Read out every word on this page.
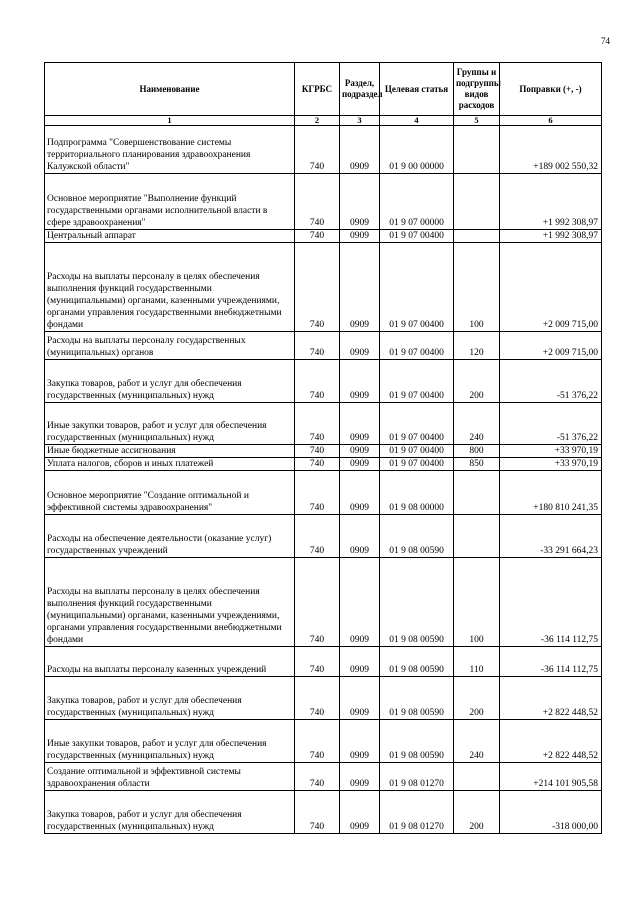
74
Наименование	КГРБС	Раздел, подраздел	Целевая статья	Группы и подгруппы видов расходов	Поправки (+, -)
1	2	3	4	5	6
Подпрограмма "Совершенствование системы территориального планирования здравоохранения Калужской области"	740	0909	01 9 00 00000		+189 002 550,32
Основное мероприятие "Выполнение функций государственными органами исполнительной власти в сфере здравоохранения"	740	0909	01 9 07 00000		+1 992 308,97
Центральный аппарат	740	0909	01 9 07 00400		+1 992 308,97
Расходы на выплаты персоналу в целях обеспечения выполнения функций государственными (муниципальными) органами, казенными учреждениями, органами управления государственными внебюджетными фондами	740	0909	01 9 07 00400	100	+2 009 715,00
Расходы на выплаты персоналу государственных (муниципальных) органов	740	0909	01 9 07 00400	120	+2 009 715,00
Закупка товаров, работ и услуг для обеспечения государственных (муниципальных) нужд	740	0909	01 9 07 00400	200	-51 376,22
Иные закупки товаров, работ и услуг для обеспечения государственных (муниципальных) нужд	740	0909	01 9 07 00400	240	-51 376,22
Иные бюджетные ассигнования	740	0909	01 9 07 00400	800	+33 970,19
Уплата налогов, сборов и иных платежей	740	0909	01 9 07 00400	850	+33 970,19
Основное мероприятие "Создание оптимальной и эффективной системы здравоохранения"	740	0909	01 9 08 00000		+180 810 241,35
Расходы на обеспечение деятельности (оказание услуг) государственных учреждений	740	0909	01 9 08 00590		-33 291 664,23
Расходы на выплаты персоналу в целях обеспечения выполнения функций государственными (муниципальными) органами, казенными учреждениями, органами управления государственными внебюджетными фондами	740	0909	01 9 08 00590	100	-36 114 112,75
Расходы на выплаты персоналу казенных учреждений	740	0909	01 9 08 00590	110	-36 114 112,75
Закупка товаров, работ и услуг для обеспечения государственных (муниципальных) нужд	740	0909	01 9 08 00590	200	+2 822 448,52
Иные закупки товаров, работ и услуг для обеспечения государственных (муниципальных) нужд	740	0909	01 9 08 00590	240	+2 822 448,52
Создание оптимальной и эффективной системы здравоохранения области	740	0909	01 9 08 01270		+214 101 905,58
Закупка товаров, работ и услуг для обеспечения государственных (муниципальных) нужд	740	0909	01 9 08 01270	200	-318 000,00
